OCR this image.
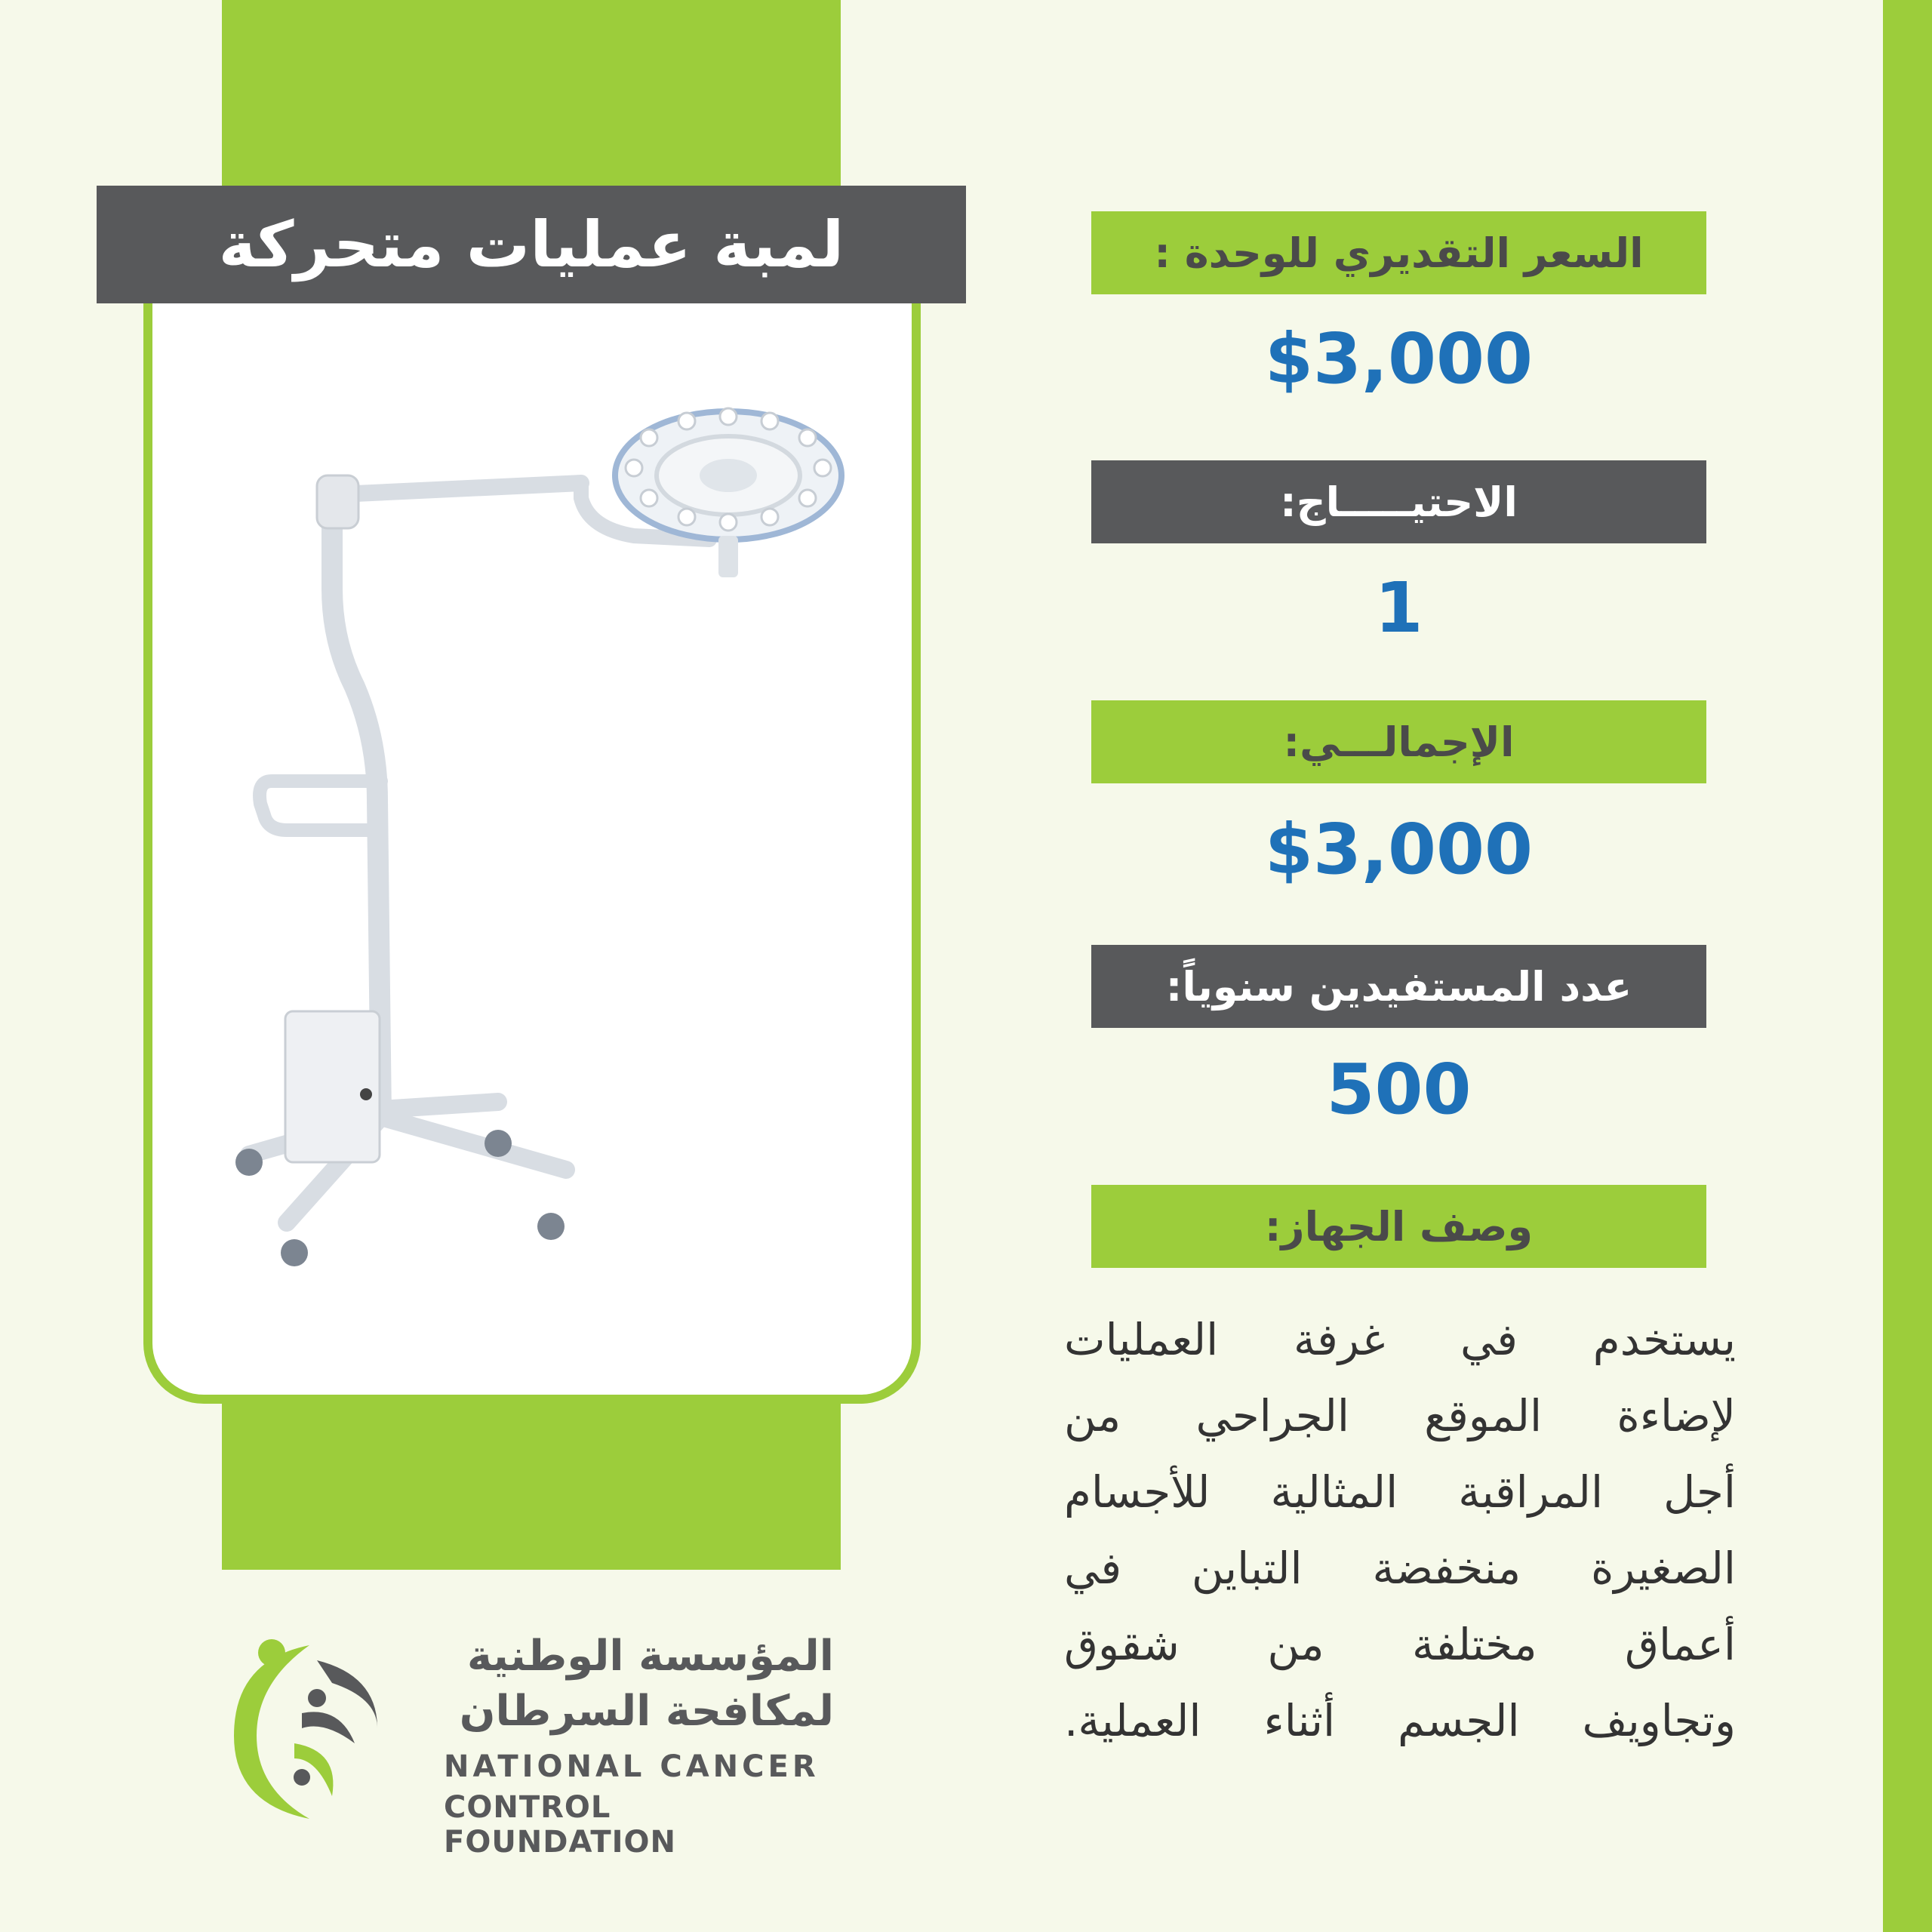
لمبة عمليات متحركة	السعر التقديري للوحدة :
$3,000
الاحتيـــــاج:
1
الإجمالـــي:
$3,000
عدد المستفيدين سنوياً:
500
وصف الجهاز:
يستخدم في غرفة العمليات
لإضاءة الموقع الجراحي من
أجل المراقبة المثالية للأجسام
الصغيرة منخفضة التباين في
أعماق مختلفة من شقوق
وتجاويف الجسم أثناء العملية.
المؤسسة الوطنية
لمكافحة السرطان
NATIONAL CANCER
CONTROL FOUNDATION
